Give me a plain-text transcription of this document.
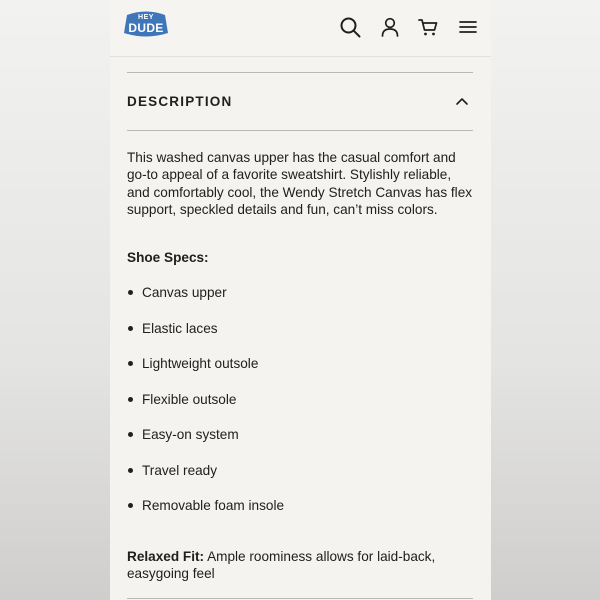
HEY
DUDE
DESCRIPTION

This washed canvas upper has the casual comfort and go-to appeal of a favorite sweatshirt. Stylishly reliable, and comfortably cool, the Wendy Stretch Canvas has flex support, speckled details and fun, can’t miss colors.

Shoe Specs:
Canvas upper
Elastic laces
Lightweight outsole
Flexible outsole
Easy-on system
Travel ready
Removable foam insole

Relaxed Fit: Ample roominess allows for laid-back, easygoing feel
